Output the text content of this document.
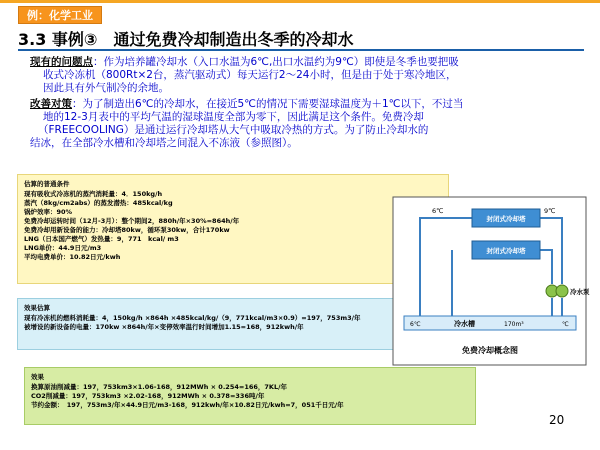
例：化学工业
3.3 事例③　通过免费冷却制造出冬季的冷却水
现有的问题点：作为培养罐冷却水（入口水温为6℃,出口水温约为9℃）即使是冬季也要把吸
收式冷冻机（800Rt×2台，蒸汽驱动式）每天运行2～24小时，但是由于处于寒冷地区，
因此具有外气制冷的余地。
改善对策：为了制造出6℃的冷却水，在接近5℃的情况下需要湿球温度为＋1℃以下，不过当
地的12-3月表中的平均气温的湿球温度全部为零下，因此满足这个条件。免费冷却
（FREECOOLING）是通过运行冷却塔从大气中吸取冷热的方式。为了防止冷却水的
结冰，在全部冷水槽和冷却塔之间混入不冻液（参照图）。
估算的普通条件
现有吸收式冷冻机的蒸汽消耗量：4．150kg/h
蒸汽（8kg/cm2abs）的蒸发潜热：485kcal/kg
锅炉效率：90%
免费冷却运转时间（12月-3月）：整个期间2，880h/年×30%=864h/年
免费冷却用新设备的能力：冷却塔80kw，循环泵30kw，合计170kw
LNG（日本国产燃气）发热量：9，771　kcal/ m3
LNG单价：44.9日元/m3
平均电费单价：10.82日元/kwh
效果估算
现有冷冻机的燃料消耗量：4，150kg/h ×864h ×485kcal/kg/（9，771kcal/m3×0.9）=197，753m3/年
被增设的新设备的电量：170kw ×864h/年×变停效率温行时间增加1.15=168，912kwh/年
效果
换算原油削减量：197，753km3×1.06-168，912MWh × 0.254=166，7KL/年
CO2削减量：197，753km3 ×2.02-168，912MWh × 0.378=336吨/年
节约金额：　197，753m3/年×44.9日元/m3-168，912kwh/年×10.82日元/kwh=7，051千日元/年
封闭式冷却塔
封闭式冷却塔
6℃	9℃
冷水泵
6℃	冷水槽	170m³	℃
免费冷却概念图
20
